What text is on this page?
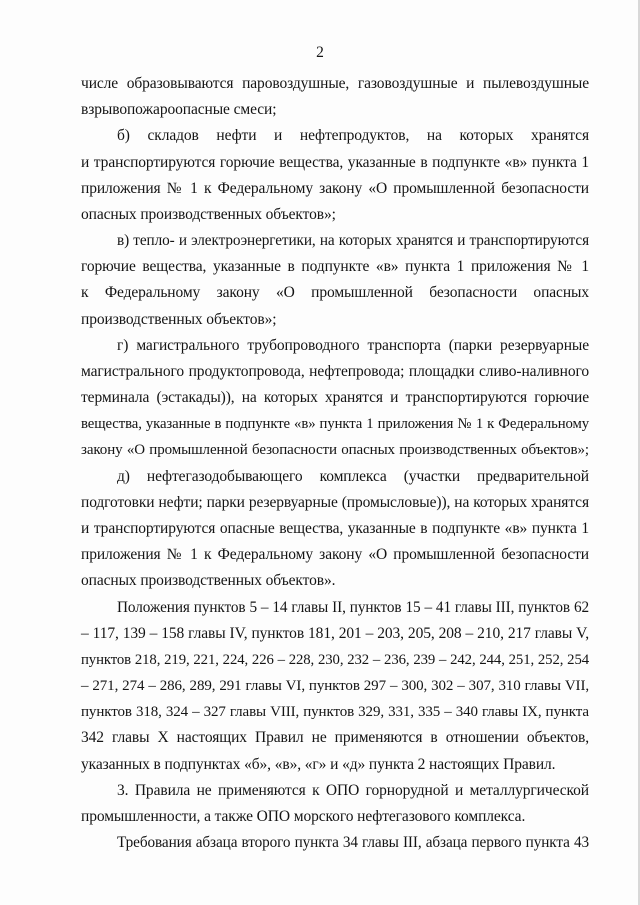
2
числе образовываются паровоздушные, газовоздушные и пылевоздушные
взрывопожароопасные смеси;
б) складов нефти и нефтепродуктов, на которых хранятся
и транспортируются горючие вещества, указанные в подпункте «в» пункта 1
приложения № 1 к Федеральному закону «О промышленной безопасности
опасных производственных объектов»;
в) тепло- и электроэнергетики, на которых хранятся и транспортируются
горючие вещества, указанные в подпункте «в» пункта 1 приложения № 1
к Федеральному закону «О промышленной безопасности опасных
производственных объектов»;
г) магистрального трубопроводного транспорта (парки резервуарные
магистрального продуктопровода, нефтепровода; площадки сливо-наливного
терминала (эстакады)), на которых хранятся и транспортируются горючие
вещества, указанные в подпункте «в» пункта 1 приложения № 1 к Федеральному
закону «О промышленной безопасности опасных производственных объектов»;
д) нефтегазодобывающего комплекса (участки предварительной
подготовки нефти; парки резервуарные (промысловые)), на которых хранятся
и транспортируются опасные вещества, указанные в подпункте «в» пункта 1
приложения № 1 к Федеральному закону «О промышленной безопасности
опасных производственных объектов».
Положения пунктов 5 – 14 главы II, пунктов 15 – 41 главы III, пунктов 62
– 117, 139 – 158 главы IV, пунктов 181, 201 – 203, 205, 208 – 210, 217 главы V,
пунктов 218, 219, 221, 224, 226 – 228, 230, 232 – 236, 239 – 242, 244, 251, 252, 254
– 271, 274 – 286, 289, 291 главы VI, пунктов 297 – 300, 302 – 307, 310 главы VII,
пунктов 318, 324 – 327 главы VIII, пунктов 329, 331, 335 – 340 главы IX, пункта
342 главы X настоящих Правил не применяются в отношении объектов,
указанных в подпунктах «б», «в», «г» и «д» пункта 2 настоящих Правил.
3. Правила не применяются к ОПО горнорудной и металлургической
промышленности, а также ОПО морского нефтегазового комплекса.
Требования абзаца второго пункта 34 главы III, абзаца первого пункта 43
